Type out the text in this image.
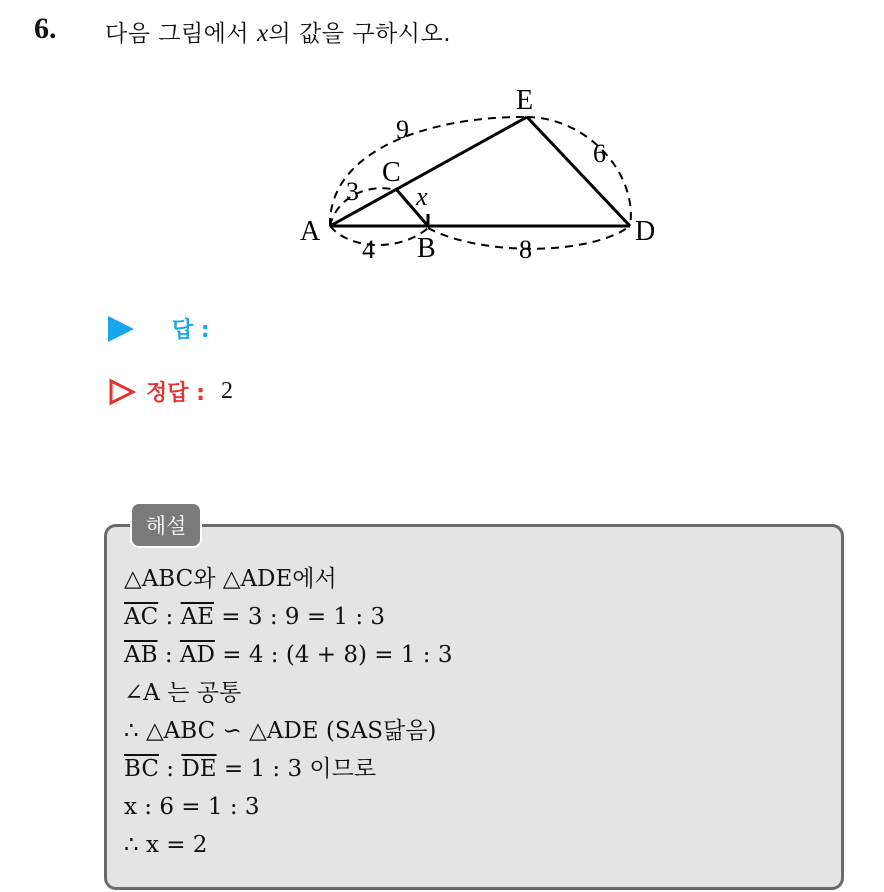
6. 다음 그림에서 x의 값을 구하시오.
A
B
C
D
E
9
6
3
4	8
x
답 :
정답 : 2
해설
△ABC와 △ADE에서
$\overline{AC}$ : $\overline{AE} = 3$ : 9 = 1 : 3
$\overline{AB}$ : $\overline{AD} = 4$ : (4 + 8) = 1 : 3
∠A 는 공통
∴ △ABC ∽ △ADE (SAS닮음)
$\overline{BC}$ : $\overline{DE} = 1$ : 3 이므로
x : 6 = 1 : 3
∴ x = 2
